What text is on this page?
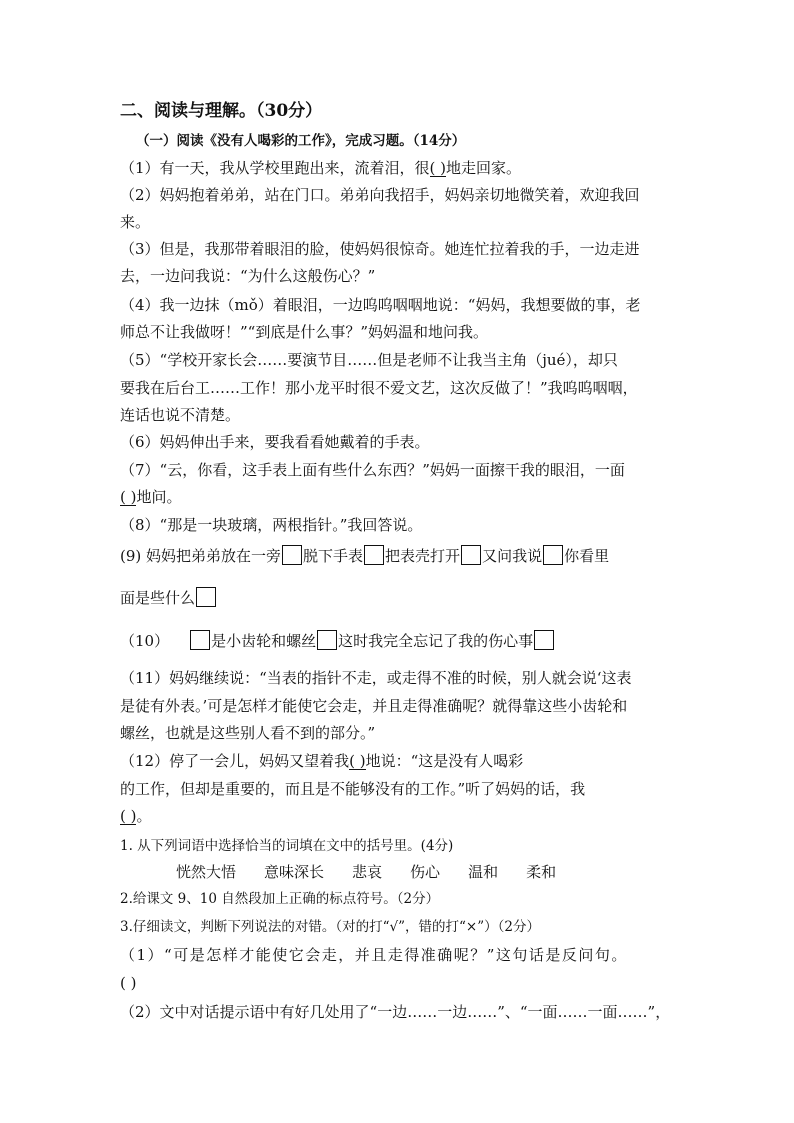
二、阅读与理解。（30分）
（一）阅读《没有人喝彩的工作》，完成习题。（14分）
（1）有一天，我从学校里跑出来，流着泪，很( )地走回家。
（2）妈妈抱着弟弟，站在门口。弟弟向我招手，妈妈亲切地微笑着，欢迎我回
来。
（3）但是，我那带着眼泪的脸，使妈妈很惊奇。她连忙拉着我的手，一边走进
去，一边问我说：“为什么这般伤心？”
（4）我一边抹（mǒ）着眼泪，一边呜呜咽咽地说：“妈妈，我想要做的事，老
师总不让我做呀！”“到底是什么事？”妈妈温和地问我。
（5）“学校开家长会……要演节目……但是老师不让我当主角（jué），却只
要我在后台工……工作！那小龙平时很不爱文艺，这次反做了！”我呜呜咽咽，
连话也说不清楚。
（6）妈妈伸出手来，要我看看她戴着的手表。
（7）“云，你看，这手表上面有些什么东西？”妈妈一面擦干我的眼泪，一面
( )地问。
（8）“那是一块玻璃，两根指针。”我回答说。
(9) 妈妈把弟弟放在一旁 脱下手表 把表壳打开 又问我说 你看里
面是些什么
（10）	是小齿轮和螺丝 这时我完全忘记了我的伤心事
（11）妈妈继续说：“当表的指针不走，或走得不准的时候，别人就会说‘这表
是徒有外表。’可是怎样才能使它会走，并且走得准确呢？就得靠这些小齿轮和
螺丝，也就是这些别人看不到的部分。”
（12）停了一会儿，妈妈又望着我( )地说：“这是没有人喝彩
的工作，但却是重要的，而且是不能够没有的工作。”听了妈妈的话，我
( )。
1. 从下列词语中选择恰当的词填在文中的括号里。(4分)
恍然大悟 意味深长 悲哀 伤心 温和 柔和
2.给课文 9、10 自然段加上正确的标点符号。（2分）
3.仔细读文，判断下列说法的对错。（对的打“√”，错的打“×”）（2分）
（1）“可是怎样才能使它会走，并且走得准确呢？”这句话是反问句。
( )
（2）文中对话提示语中有好几处用了“一边……一边……”、“一面……一面……”，
